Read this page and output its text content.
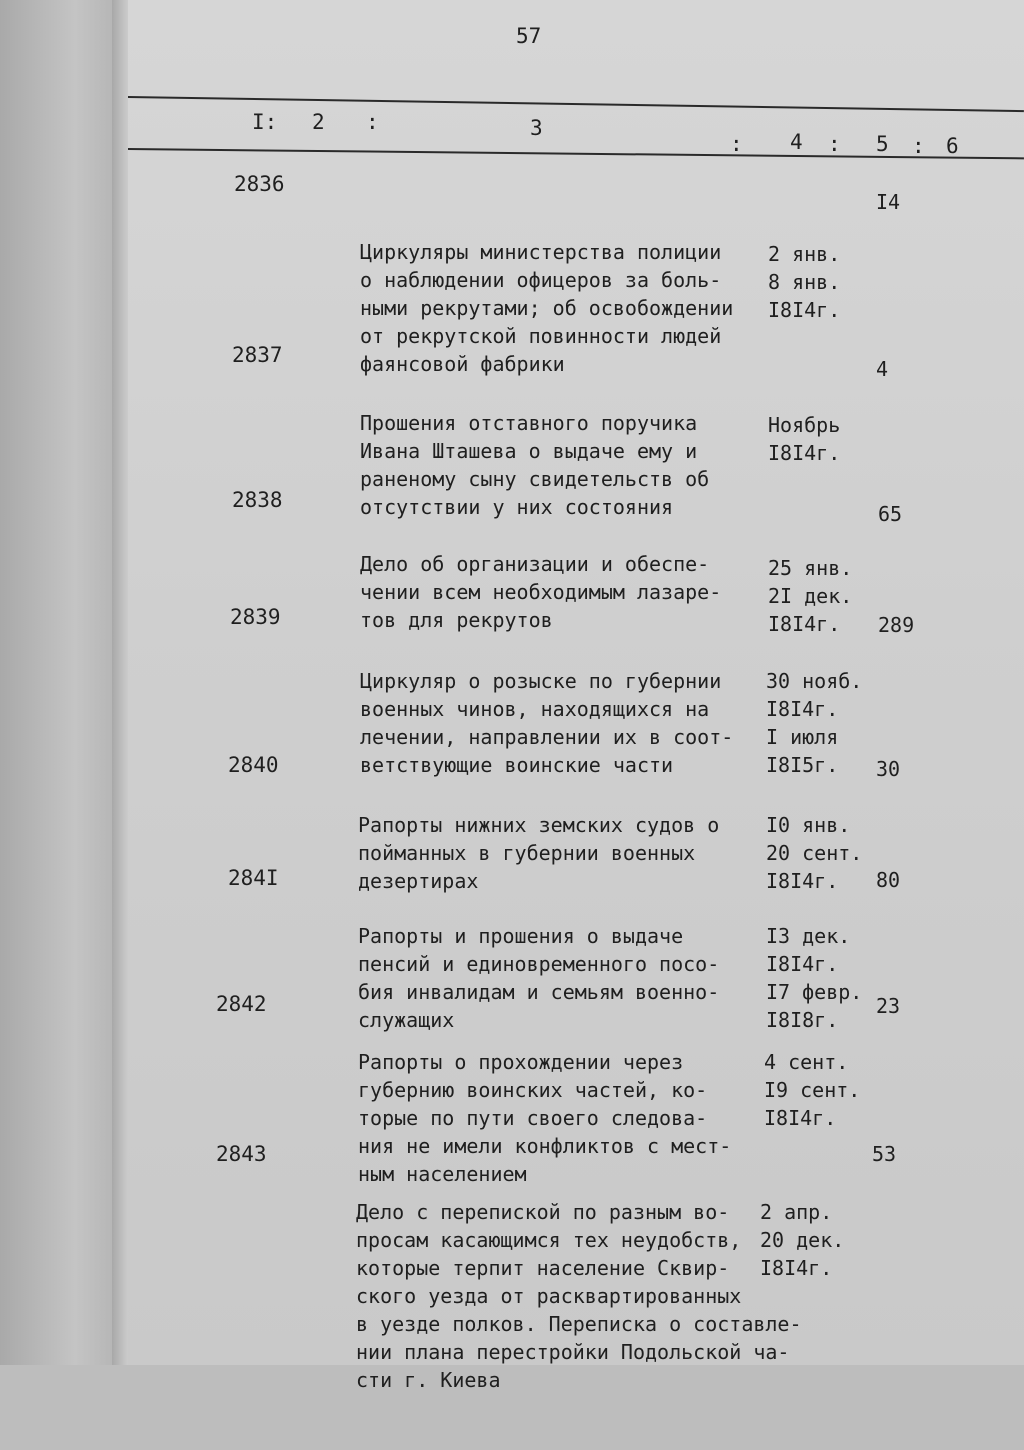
57
I: 2 :	3
: 4 : 5 : 6
2836

Циркуляры министерства полиции
о наблюдении офицеров за боль-
ными рекрутами; об освобождении
от рекрутской повинности людей
фаянсовой фабрики

2 янв.
8 янв.
I8I4г.

I4
2837

Прошения отставного поручика
Ивана Шташева о выдаче ему и
раненому сыну свидетельств об
отсутствии у них состояния

Ноябрь
I8I4г.

4
2838

Дело об организации и обеспе-
чении всем необходимым лазаре-
тов для рекрутов

25 янв.
2I дек.
I8I4г.

65
2839

Циркуляр о розыске по губернии
военных чинов, находящихся на
лечении, направлении их в соот-
ветствующие воинские части

30 нояб.
I8I4г.
I июля
I8I5г.

289
2840

Рапорты нижних земских судов о
пойманных в губернии военных
дезертирах

I0 янв.
20 сент.
I8I4г.

30
284I

Рапорты и прошения о выдаче
пенсий и единовременного посо-
бия инвалидам и семьям военно-
служащих

I3 дек.
I8I4г.
I7 февр.
I8I8г.

80
2842

Рапорты о прохождении через
губернию воинских частей, ко-
торые по пути своего следова-
ния не имели конфликтов с мест-
ным населением

4 сент.
I9 сент.
I8I4г.

23
2843

Дело с перепиской по разным во-
просам касающимся тех неудобств,
которые терпит население Сквир-
ского уезда от расквартированных
в уезде полков. Переписка о составле-
нии плана перестройки Подольской ча-
сти г. Киева

2 апр.
20 дек.
I8I4г.

53
